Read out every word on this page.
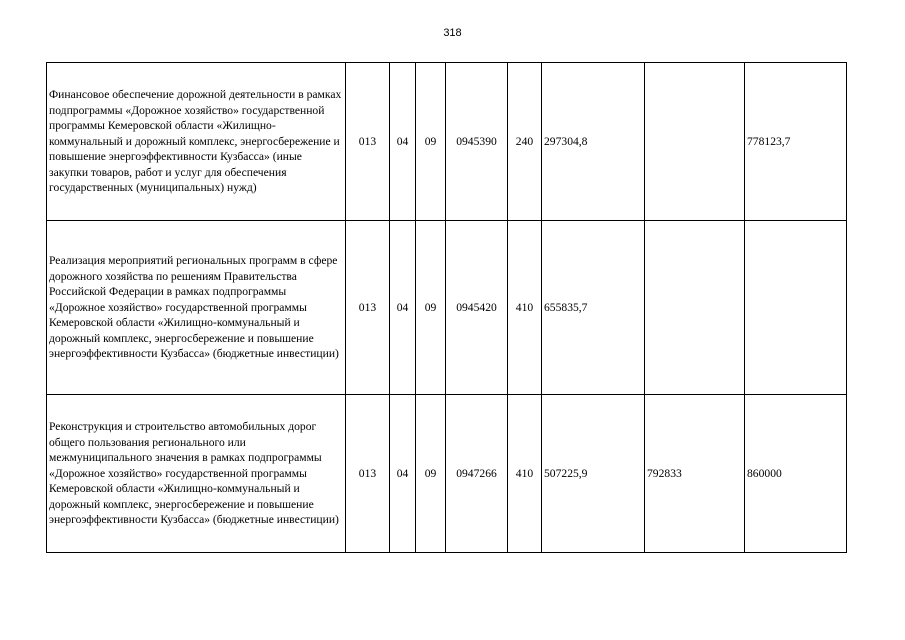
318
Финансовое обеспечение дорожной деятельности в рамках подпрограммы «Дорожное хозяйство» государственной программы Кемеровской области «Жилищно-коммунальный и дорожный комплекс, энергосбережение и повышение энергоэффективности Кузбасса» (иные закупки товаров, работ и услуг для обеспечения государственных (муниципальных) нужд)	013	04	09	0945390	240	297304,8		778123,7
Реализация мероприятий региональных программ в сфере дорожного хозяйства по решениям Правительства Российской Федерации в рамках подпрограммы «Дорожное хозяйство» государственной программы Кемеровской области «Жилищно-коммунальный и дорожный комплекс, энергосбережение и повышение энергоэффективности Кузбасса» (бюджетные инвестиции)	013	04	09	0945420	410	655835,7		
Реконструкция и строительство автомобильных дорог общего пользования регионального или межмуниципального значения в рамках подпрограммы «Дорожное хозяйство» государственной программы Кемеровской области «Жилищно-коммунальный и дорожный комплекс, энергосбережение и повышение энергоэффективности Кузбасса» (бюджетные инвестиции)	013	04	09	0947266	410	507225,9	792833	860000
